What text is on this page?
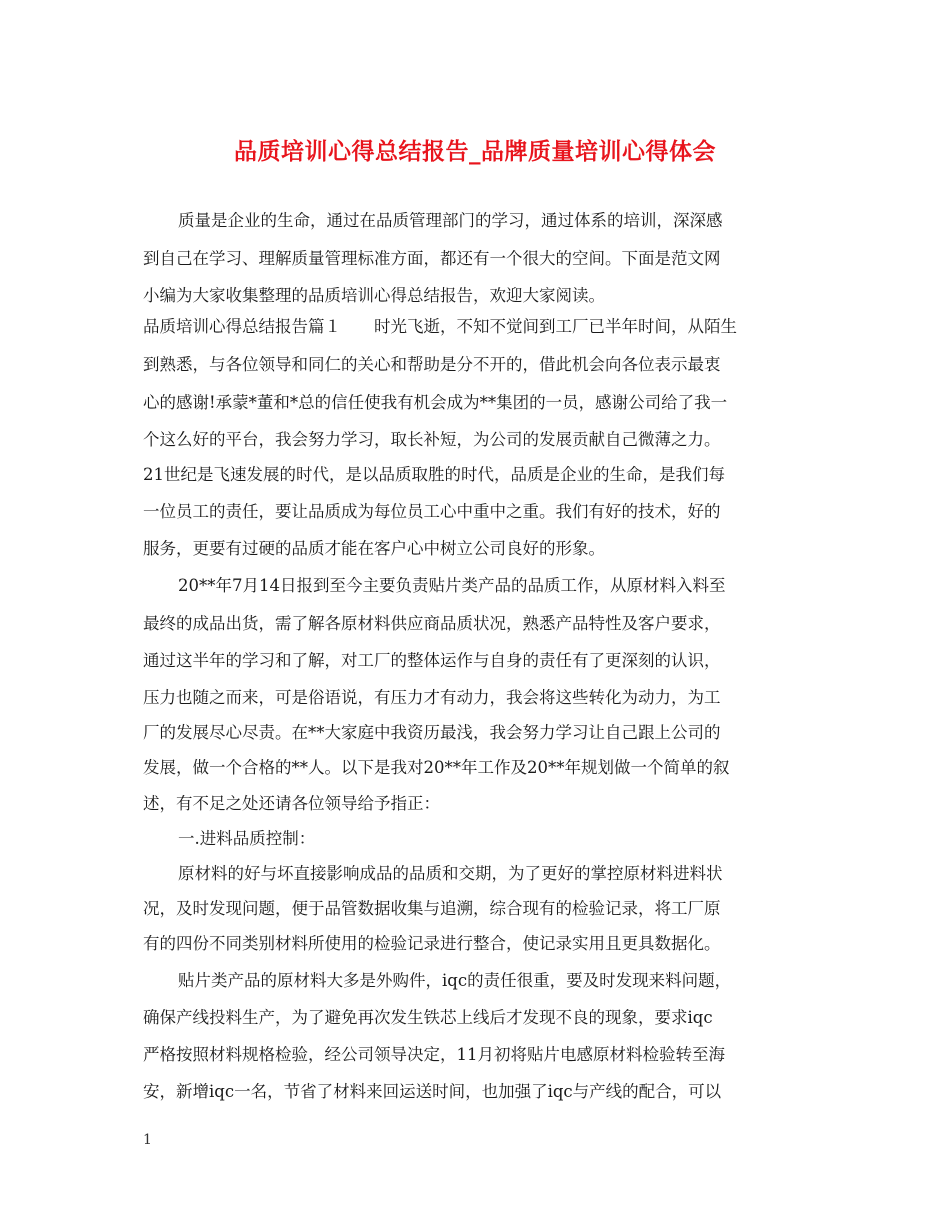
品质培训心得总结报告_品牌质量培训心得体会
质量是企业的生命，通过在品质管理部门的学习，通过体系的培训，深深感
到自己在学习、理解质量管理标准方面，都还有一个很大的空间。下面是范文网
小编为大家收集整理的品质培训心得总结报告，欢迎大家阅读。
品质培训心得总结报告篇１　　时光飞逝，不知不觉间到工厂已半年时间，从陌生
到熟悉，与各位领导和同仁的关心和帮助是分不开的，借此机会向各位表示最衷
心的感谢!承蒙*董和*总的信任使我有机会成为**集团的一员，感谢公司给了我一
个这么好的平台，我会努力学习，取长补短，为公司的发展贡献自己微薄之力。
21世纪是飞速发展的时代，是以品质取胜的时代，品质是企业的生命，是我们每
一位员工的责任，要让品质成为每位员工心中重中之重。我们有好的技术，好的
服务，更要有过硬的品质才能在客户心中树立公司良好的形象。
20**年7月14日报到至今主要负责贴片类产品的品质工作，从原材料入料至
最终的成品出货，需了解各原材料供应商品质状况，熟悉产品特性及客户要求，
通过这半年的学习和了解，对工厂的整体运作与自身的责任有了更深刻的认识，
压力也随之而来，可是俗语说，有压力才有动力，我会将这些转化为动力，为工
厂的发展尽心尽责。在**大家庭中我资历最浅，我会努力学习让自己跟上公司的
发展，做一个合格的**人。以下是我对20**年工作及20**年规划做一个简单的叙
述，有不足之处还请各位领导给予指正：
一.进料品质控制：
原材料的好与坏直接影响成品的品质和交期，为了更好的掌控原材料进料状
况，及时发现问题，便于品管数据收集与追溯，综合现有的检验记录，将工厂原
有的四份不同类别材料所使用的检验记录进行整合，使记录实用且更具数据化。
贴片类产品的原材料大多是外购件，iqc的责任很重，要及时发现来料问题，
确保产线投料生产，为了避免再次发生铁芯上线后才发现不良的现象，要求iqc
严格按照材料规格检验，经公司领导决定，11月初将贴片电感原材料检验转至海
安，新增iqc一名，节省了材料来回运送时间，也加强了iqc与产线的配合，可以
1
